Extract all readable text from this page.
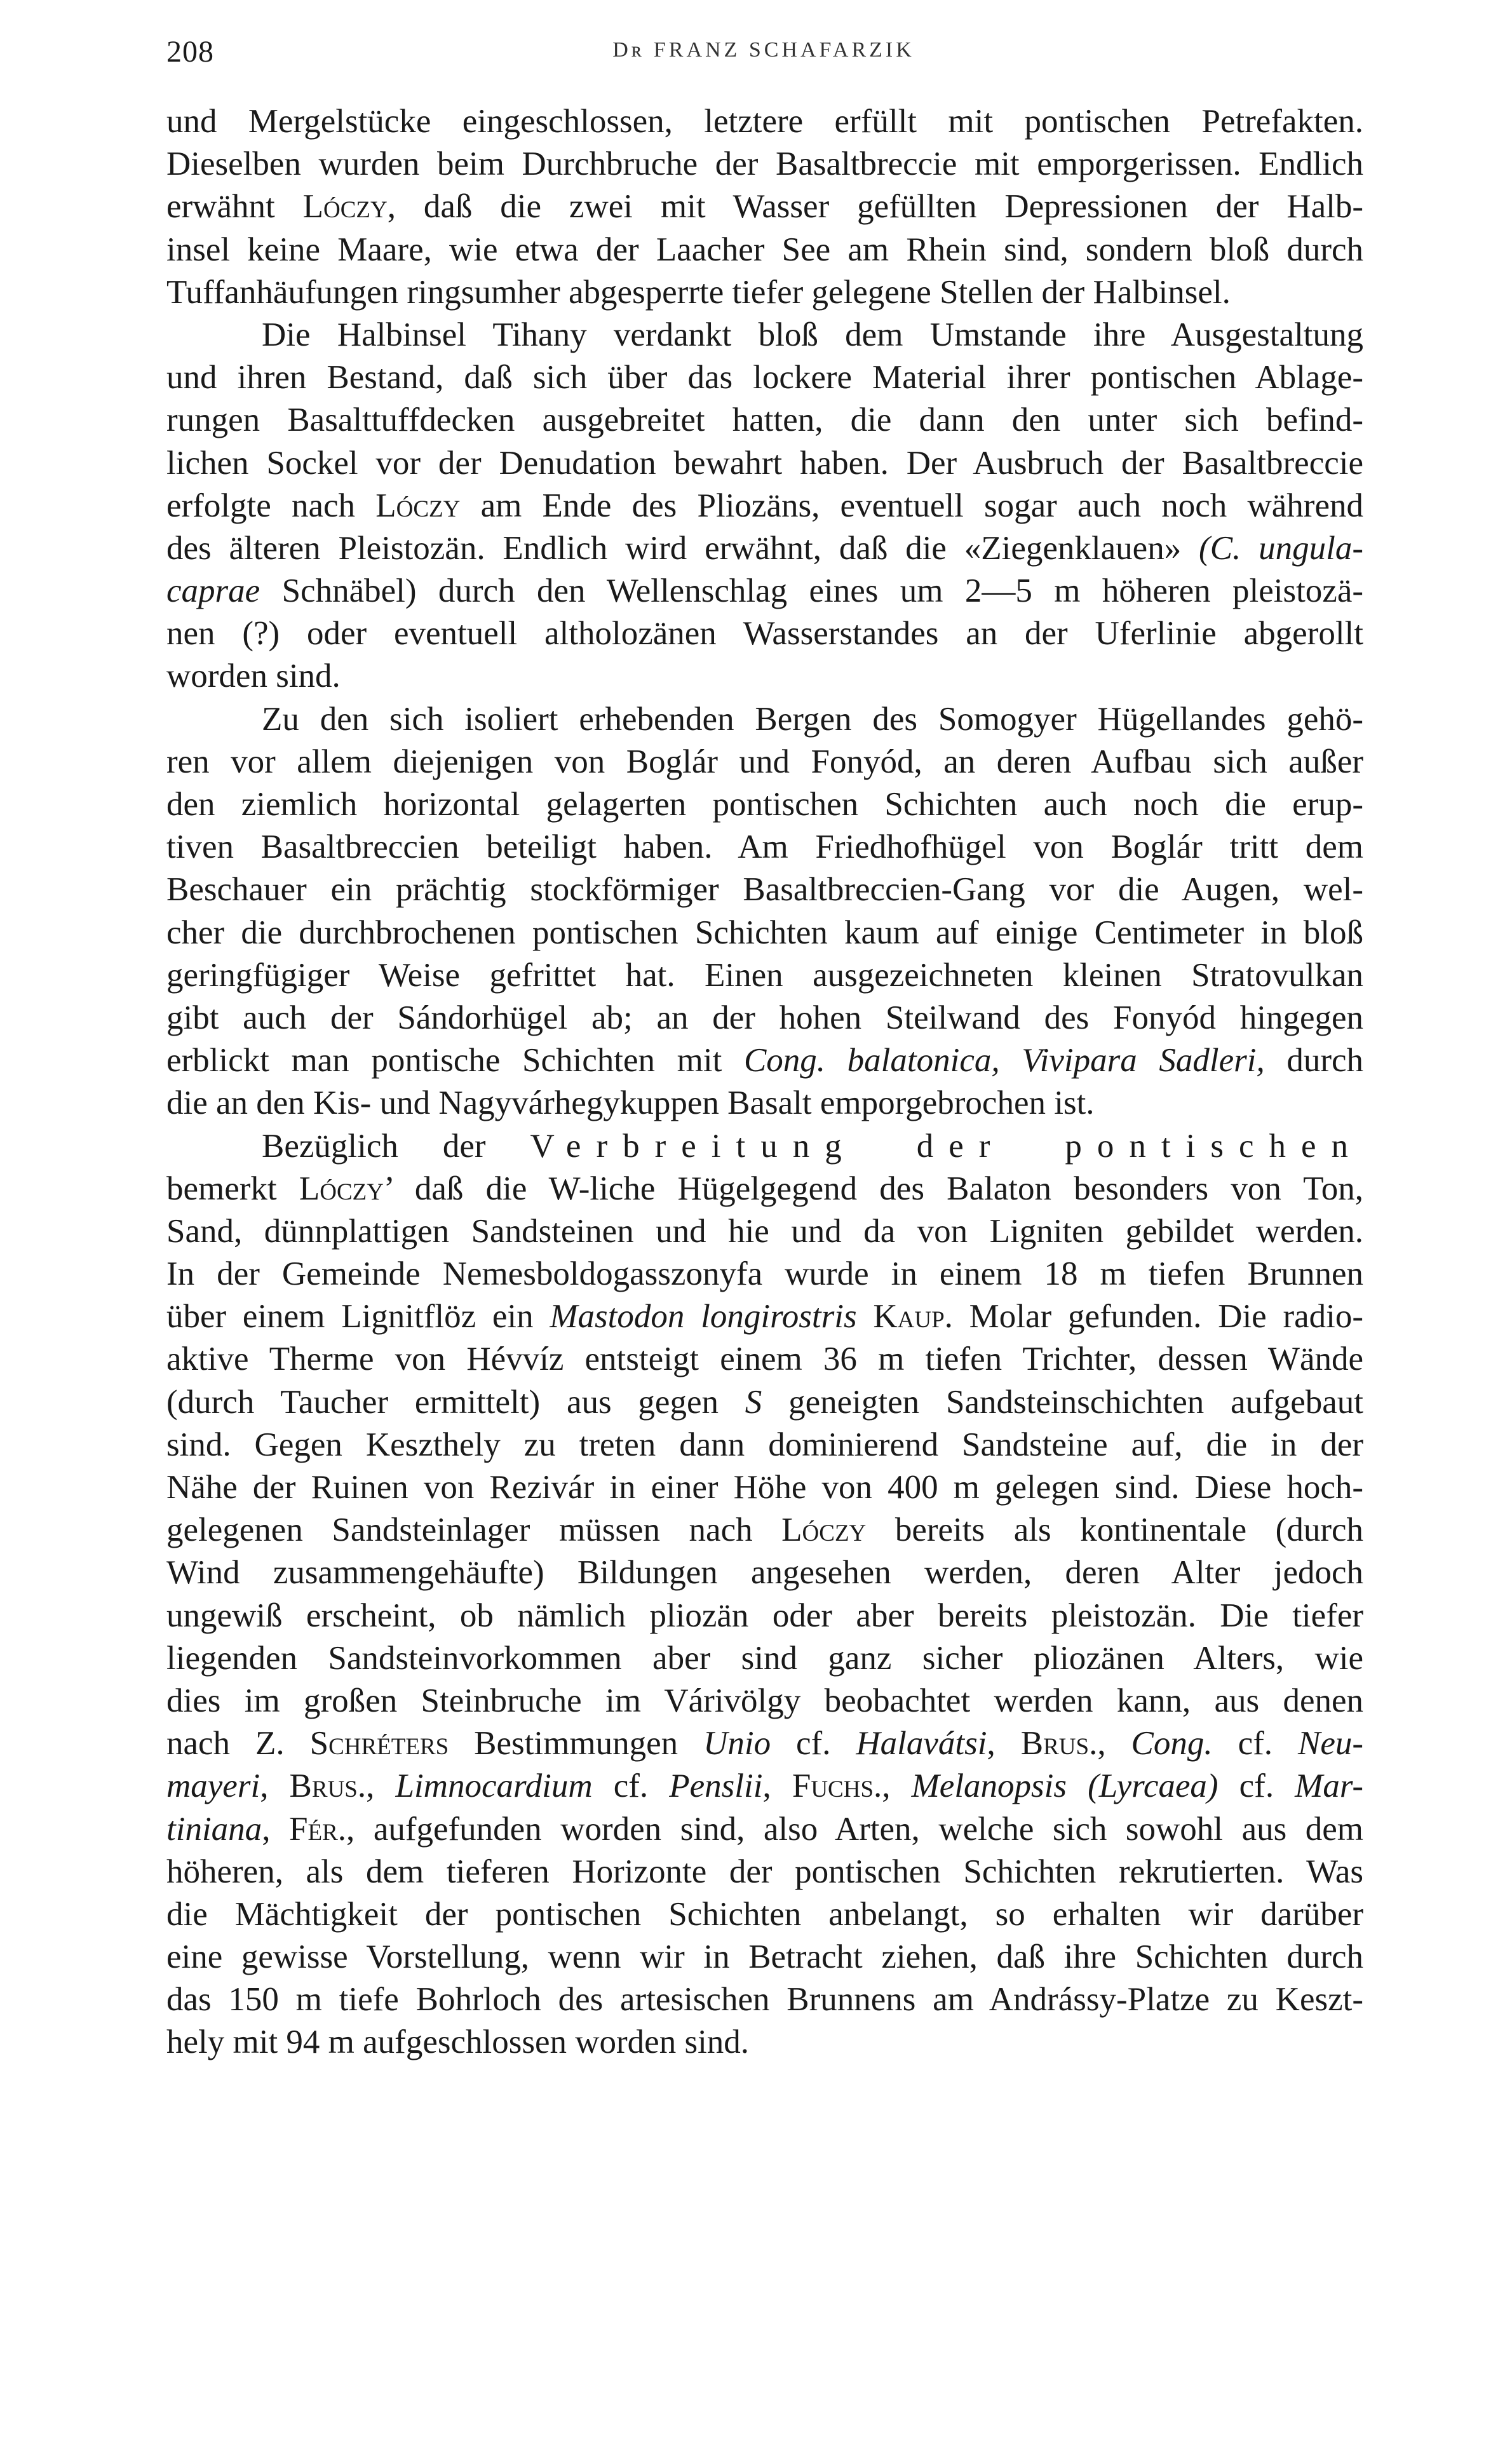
208	Dʀ FRANZ SCHAFARZIK
und Mergelstücke eingeschlossen, letztere erfüllt mit pontischen Petrefakten.
Dieselben wurden beim Durchbruche der Basaltbreccie mit emporgerissen. Endlich
erwähnt Lóczy, daß die zwei mit Wasser gefüllten Depressionen der Halb-
insel keine Maare, wie etwa der Laacher See am Rhein sind, sondern bloß durch
Tuffanhäufungen ringsumher abgesperrte tiefer gelegene Stellen der Halbinsel.
Die Halbinsel Tihany verdankt bloß dem Umstande ihre Ausgestaltung
und ihren Bestand, daß sich über das lockere Material ihrer pontischen Ablage-
rungen Basalttuffdecken ausgebreitet hatten, die dann den unter sich befind-
lichen Sockel vor der Denudation bewahrt haben. Der Ausbruch der Basaltbreccie
erfolgte nach Lóczy am Ende des Pliozäns, eventuell sogar auch noch während
des älteren Pleistozän. Endlich wird erwähnt, daß die «Ziegenklauen» (C. ungula-
caprae Schnäbel) durch den Wellenschlag eines um 2—5 m höheren pleistozä-
nen (?) oder eventuell altholozänen Wasserstandes an der Uferlinie abgerollt
worden sind.
Zu den sich isoliert erhebenden Bergen des Somogyer Hügellandes gehö-
ren vor allem diejenigen von Boglár und Fonyód, an deren Aufbau sich außer
den ziemlich horizontal gelagerten pontischen Schichten auch noch die erup-
tiven Basaltbreccien beteiligt haben. Am Friedhofhügel von Boglár tritt dem
Beschauer ein prächtig stockförmiger Basaltbreccien-Gang vor die Augen, wel-
cher die durchbrochenen pontischen Schichten kaum auf einige Centimeter in bloß
geringfügiger Weise gefrittet hat. Einen ausgezeichneten kleinen Stratovulkan
gibt auch der Sándorhügel ab; an der hohen Steilwand des Fonyód hingegen
erblickt man pontische Schichten mit Cong. balatonica, Vivipara Sadleri, durch
die an den Kis- und Nagyvárhegykuppen Basalt emporgebrochen ist.
Bezüglich der Verbreitung der pontischen
bemerkt Lóczy’ daß die W-liche Hügelgegend des Balaton besonders von Ton,
Sand, dünnplattigen Sandsteinen und hie und da von Ligniten gebildet werden.
In der Gemeinde Nemesboldogasszonyfa wurde in einem 18 m tiefen Brunnen
über einem Lignitflöz ein Mastodon longirostris Kaup. Molar gefunden. Die radio-
aktive Therme von Hévvíz entsteigt einem 36 m tiefen Trichter, dessen Wände
(durch Taucher ermittelt) aus gegen S geneigten Sandsteinschichten aufgebaut
sind. Gegen Keszthely zu treten dann dominierend Sandsteine auf, die in der
Nähe der Ruinen von Rezivár in einer Höhe von 400 m gelegen sind. Diese hoch-
gelegenen Sandsteinlager müssen nach Lóczy bereits als kontinentale (durch
Wind zusammengehäufte) Bildungen angesehen werden, deren Alter jedoch
ungewiß erscheint, ob nämlich pliozän oder aber bereits pleistozän. Die tiefer
liegenden Sandsteinvorkommen aber sind ganz sicher pliozänen Alters, wie
dies im großen Steinbruche im Várivölgy beobachtet werden kann, aus denen
nach Z. Schréters Bestimmungen Unio cf. Halavátsi, Brus., Cong. cf. Neu-
mayeri, Brus., Limnocardium cf. Penslii, Fuchs., Melanopsis (Lyrcaea) cf. Mar-
tiniana, Fér., aufgefunden worden sind, also Arten, welche sich sowohl aus dem
höheren, als dem tieferen Horizonte der pontischen Schichten rekrutierten. Was
die Mächtigkeit der pontischen Schichten anbelangt, so erhalten wir darüber
eine gewisse Vorstellung, wenn wir in Betracht ziehen, daß ihre Schichten durch
das 150 m tiefe Bohrloch des artesischen Brunnens am Andrássy-Platze zu Keszt-
hely mit 94 m aufgeschlossen worden sind.
